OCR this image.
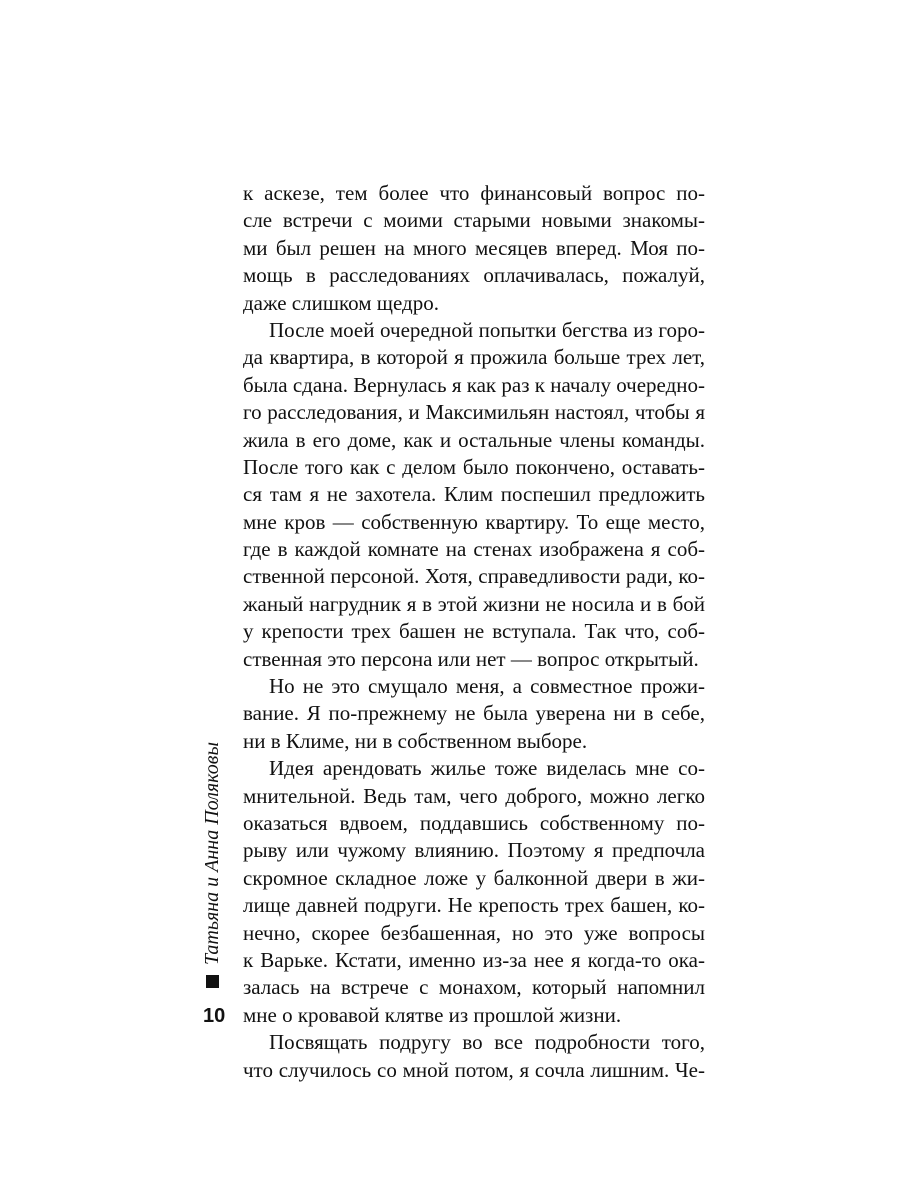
к аскезе, тем более что финансовый вопрос по-
сле встречи с моими старыми новыми знакомы-
ми был решен на много месяцев вперед. Моя по-
мощь в расследованиях оплачивалась, пожалуй,
даже слишком щедро.
После моей очередной попытки бегства из горо-
да квартира, в которой я прожила больше трех лет,
была сдана. Вернулась я как раз к началу очередно-
го расследования, и Максимильян настоял, чтобы я
жила в его доме, как и остальные члены команды.
После того как с делом было покончено, оставать-
ся там я не захотела. Клим поспешил предложить
мне кров — собственную квартиру. То еще место,
где в каждой комнате на стенах изображена я соб-
ственной персоной. Хотя, справедливости ради, ко-
жаный нагрудник я в этой жизни не носила и в бой
у крепости трех башен не вступала. Так что, соб-
ственная это персона или нет — вопрос открытый.
Но не это смущало меня, а совместное прожи-
вание. Я по-прежнему не была уверена ни в себе,
ни в Климе, ни в собственном выборе.
Идея арендовать жилье тоже виделась мне со-
мнительной. Ведь там, чего доброго, можно легко
оказаться вдвоем, поддавшись собственному по-
рыву или чужому влиянию. Поэтому я предпочла
скромное складное ложе у балконной двери в жи-
лище давней подруги. Не крепость трех башен, ко-
нечно, скорее безбашенная, но это уже вопросы
к Варьке. Кстати, именно из-за нее я когда-то ока-
залась на встрече с монахом, который напомнил
мне о кровавой клятве из прошлой жизни.
Посвящать подругу во все подробности того,
что случилось со мной потом, я сочла лишним. Че-
Татьяна и Анна Поляковы
10
